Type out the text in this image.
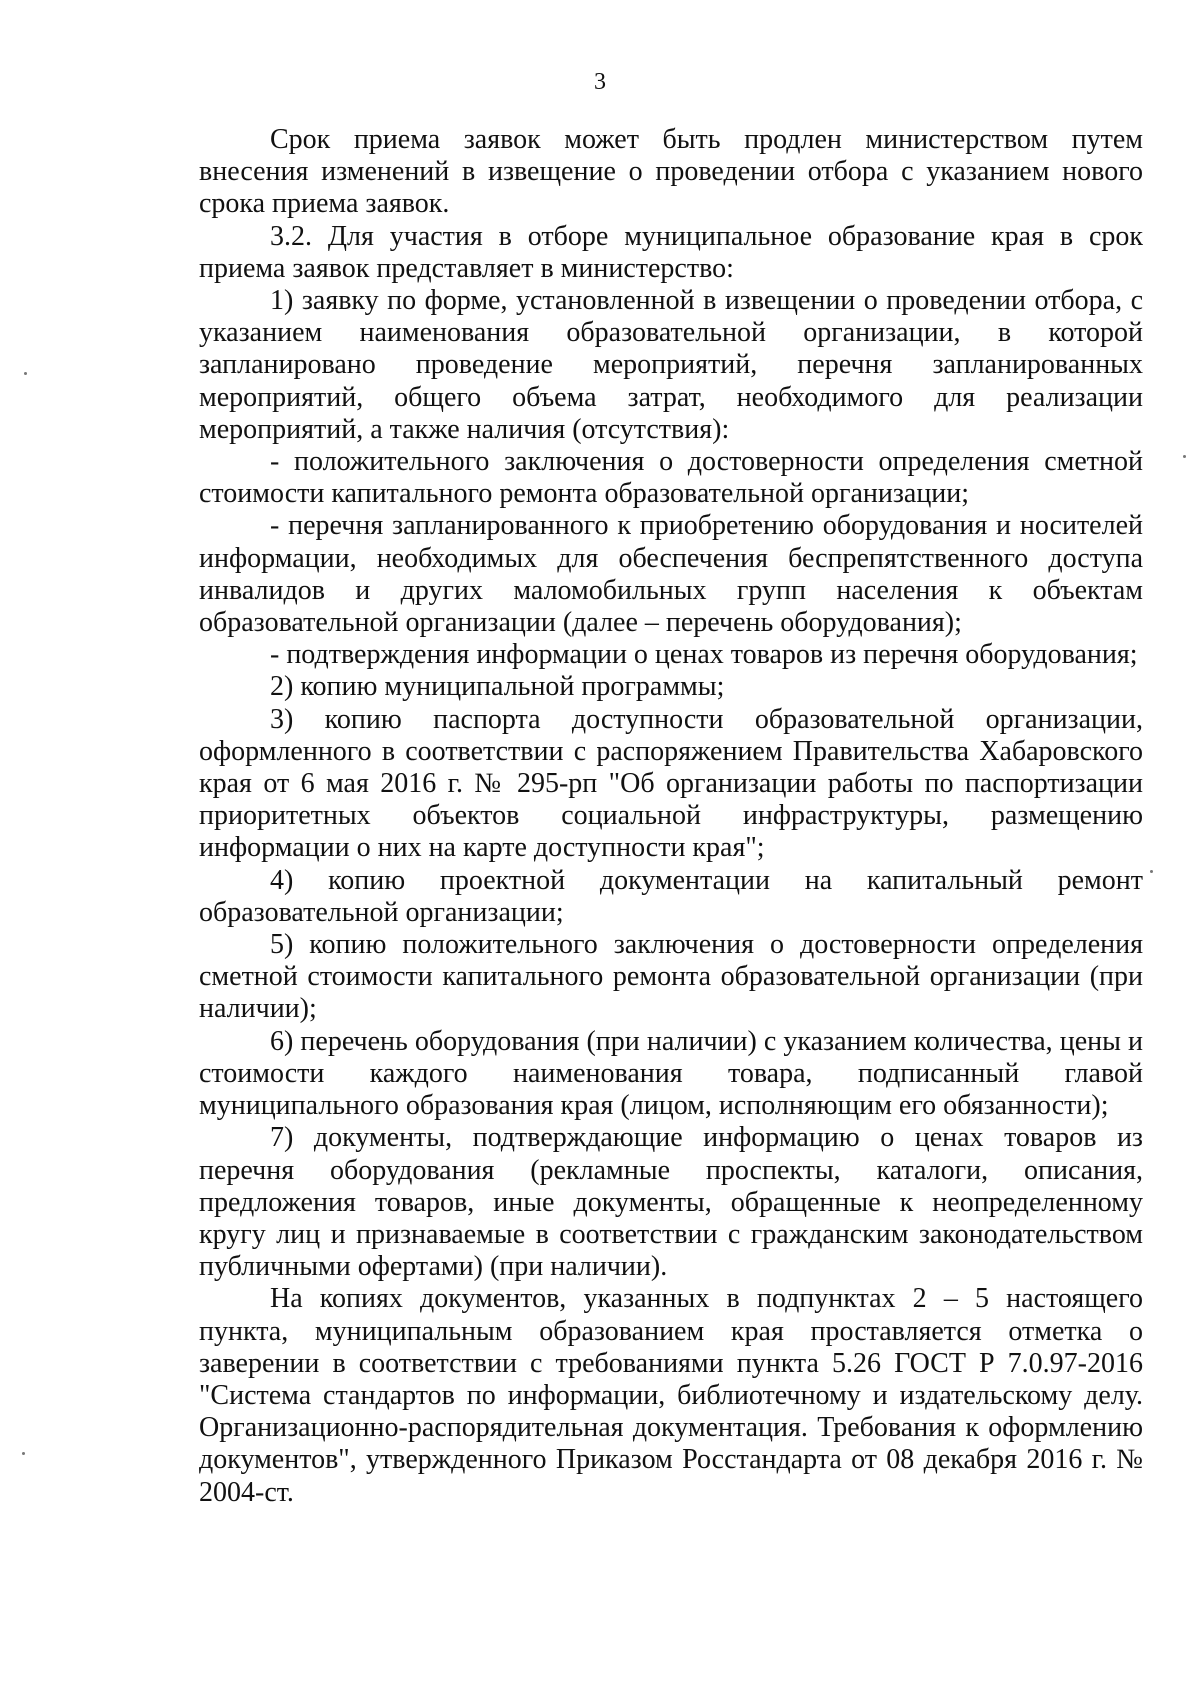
3

Срок приема заявок может быть продлен министерством путем внесения изменений в извещение о проведении отбора с указанием нового срока приема заявок.

3.2. Для участия в отборе муниципальное образование края в срок приема заявок представляет в министерство:

1) заявку по форме, установленной в извещении о проведении отбора, с указанием наименования образовательной организации, в которой запланировано проведение мероприятий, перечня запланированных мероприятий, общего объема затрат, необходимого для реализации мероприятий, а также наличия (отсутствия):

- положительного заключения о достоверности определения сметной стоимости капитального ремонта образовательной организации;

- перечня запланированного к приобретению оборудования и носителей информации, необходимых для обеспечения беспрепятственного доступа инвалидов и других маломобильных групп населения к объектам образовательной организации (далее – перечень оборудования);

- подтверждения информации о ценах товаров из перечня оборудования;

2) копию муниципальной программы;

3) копию паспорта доступности образовательной организации, оформленного в соответствии с распоряжением Правительства Хабаровского края от 6 мая 2016 г. № 295-рп "Об организации работы по паспортизации приоритетных объектов социальной инфраструктуры, размещению информации о них на карте доступности края";

4) копию проектной документации на капитальный ремонт образовательной организации;

5) копию положительного заключения о достоверности определения сметной стоимости капитального ремонта образовательной организации (при наличии);

6) перечень оборудования (при наличии) с указанием количества, цены и стоимости каждого наименования товара, подписанный главой муниципального образования края (лицом, исполняющим его обязанности);

7) документы, подтверждающие информацию о ценах товаров из перечня оборудования (рекламные проспекты, каталоги, описания, предложения товаров, иные документы, обращенные к неопределенному кругу лиц и признаваемые в соответствии с гражданским законодательством публичными офертами) (при наличии).

На копиях документов, указанных в подпунктах 2 – 5 настоящего пункта, муниципальным образованием края проставляется отметка о заверении в соответствии с требованиями пункта 5.26 ГОСТ Р 7.0.97-2016 "Система стандартов по информации, библиотечному и издательскому делу. Организационно-распорядительная документация. Требования к оформлению документов", утвержденного Приказом Росстандарта от 08 декабря 2016 г. № 2004-ст.
